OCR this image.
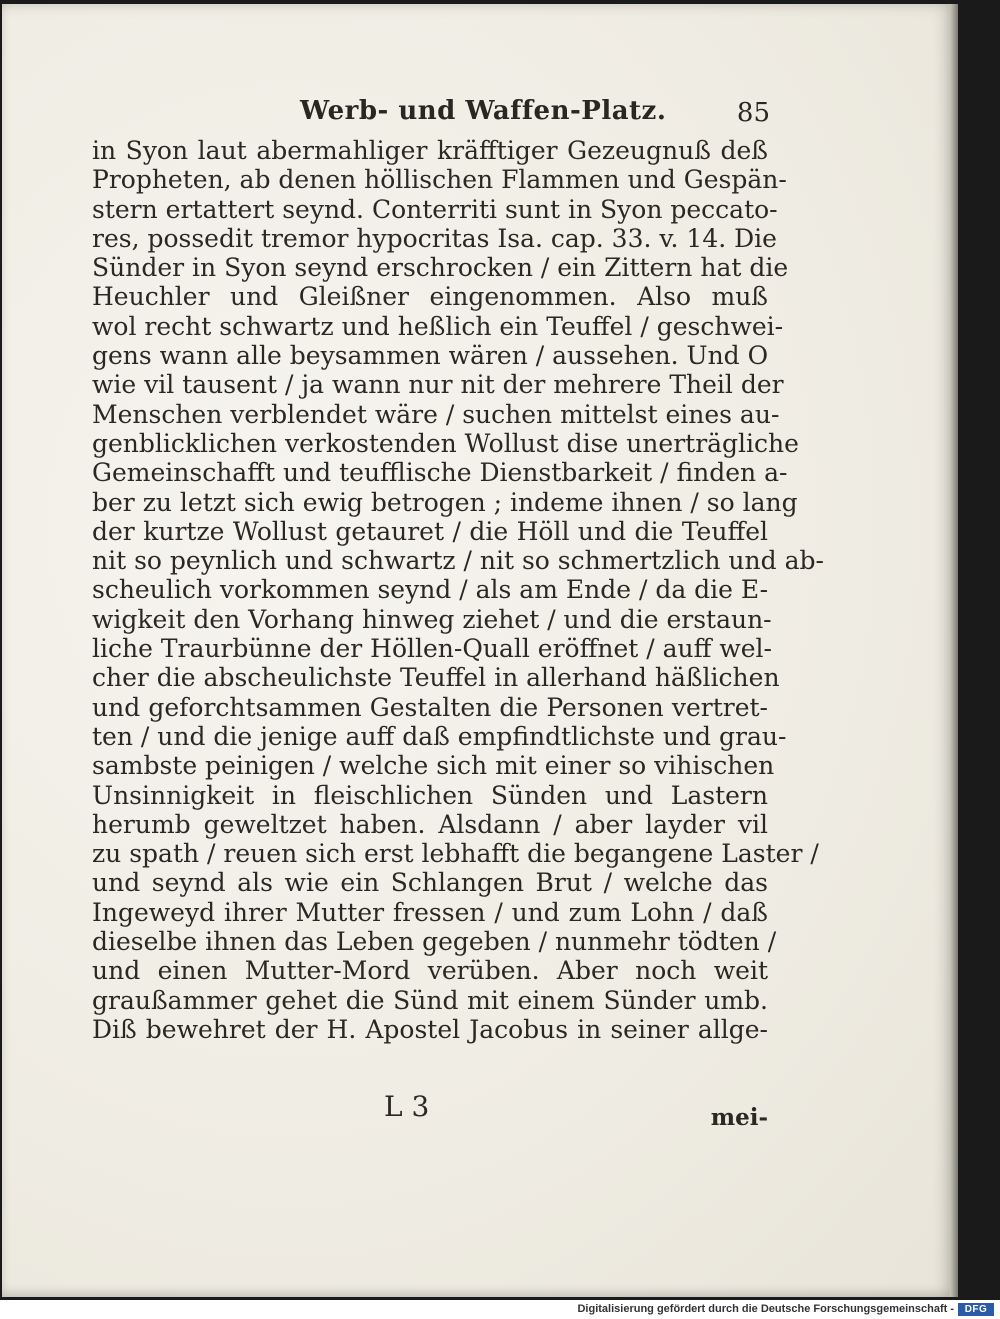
Werb- und Waffen-Platz.	85
in Syon laut abermahliger kräfftiger Gezeugnuß deß
Propheten, ab denen höllischen Flammen und Gespän-
stern ertattert seynd. Conterriti sunt in Syon peccato-
res, possedit tremor hypocritas Isa. cap. 33. v. 14. Die
Sünder in Syon seynd erschrocken / ein Zittern hat die
Heuchler und Gleißner eingenommen. Also muß
wol recht schwartz und heßlich ein Teuffel / geschwei-
gens wann alle beysammen wären / aussehen. Und O
wie vil tausent / ja wann nur nit der mehrere Theil der
Menschen verblendet wäre / suchen mittelst eines au-
genblicklichen verkostenden Wollust dise unerträgliche
Gemeinschafft und teufflische Dienstbarkeit / finden a-
ber zu letzt sich ewig betrogen ; indeme ihnen / so lang
der kurtze Wollust getauret / die Höll und die Teuffel
nit so peynlich und schwartz / nit so schmertzlich und ab-
scheulich vorkommen seynd / als am Ende / da die E-
wigkeit den Vorhang hinweg ziehet / und die erstaun-
liche Traurbünne der Höllen-Quall eröffnet / auff wel-
cher die abscheulichste Teuffel in allerhand häßlichen
und geforchtsammen Gestalten die Personen vertret-
ten / und die jenige auff daß empfindtlichste und grau-
sambste peinigen / welche sich mit einer so vihischen
Unsinnigkeit in fleischlichen Sünden und Lastern
herumb geweltzet haben. Alsdann / aber layder vil
zu spath / reuen sich erst lebhafft die begangene Laster /
und seynd als wie ein Schlangen Brut / welche das
Ingeweyd ihrer Mutter fressen / und zum Lohn / daß
dieselbe ihnen das Leben gegeben / nunmehr tödten /
und einen Mutter-Mord verüben. Aber noch weit
graußammer gehet die Sünd mit einem Sünder umb.
Diß bewehret der H. Apostel Jacobus in seiner allge-
L 3	mei-
Digitalisierung gefördert durch die Deutsche Forschungsgemeinschaft -	DFG
